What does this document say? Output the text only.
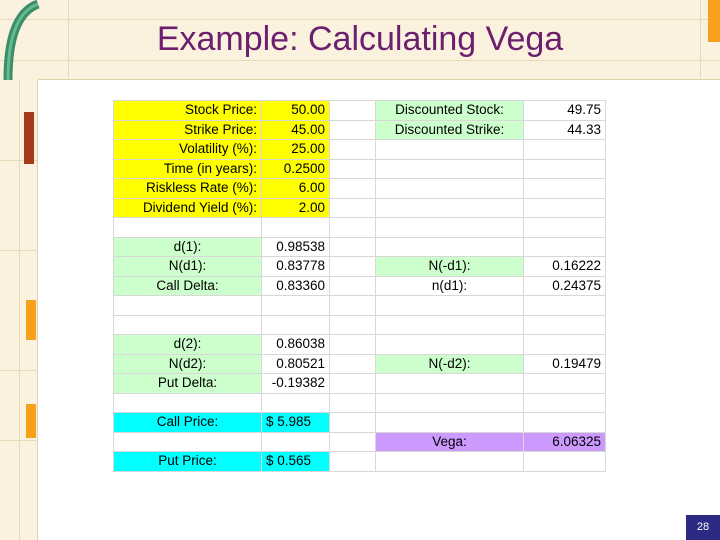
Example: Calculating Vega
Stock Price:	50.00		Discounted Stock:	49.75
Strike Price:	45.00		Discounted Strike:	44.33
Volatility (%):	25.00			
Time (in years):	0.2500			
Riskless Rate (%):	6.00			
Dividend Yield (%):	2.00			

d(1):	0.98538			
N(d1):	0.83778		N(-d1):	0.16222
Call Delta:	0.83360		n(d1):	0.24375

d(2):	0.86038			
N(d2):	0.80521		N(-d2):	0.19479
Put Delta:	-0.19382			

Call Price:	$ 5.985			
			Vega:	6.06325
Put Price:	$ 0.565			
28
